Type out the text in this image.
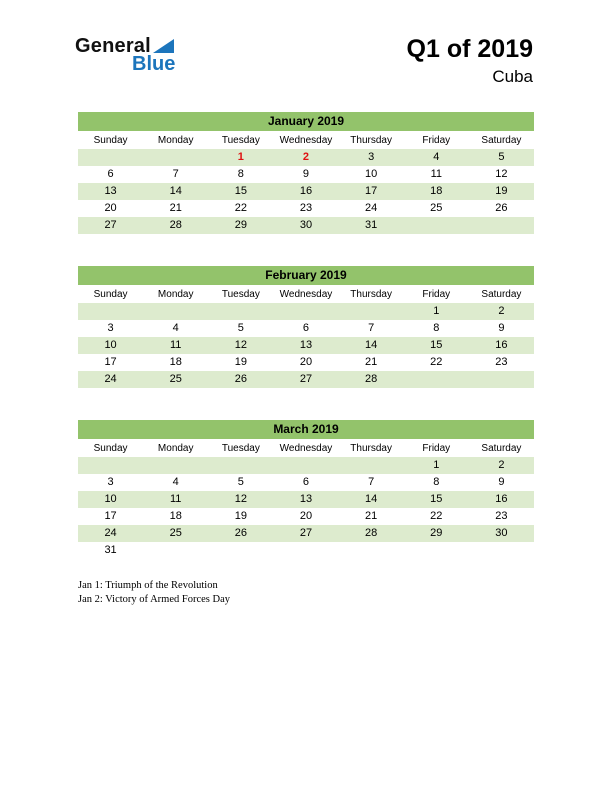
General
Blue
Q1 of 2019
Cuba
January 2019
Sunday	Monday	Tuesday	Wednesday	Thursday	Friday	Saturday
		1	2	3	4	5
6	7	8	9	10	11	12
13	14	15	16	17	18	19
20	21	22	23	24	25	26
27	28	29	30	31		
February 2019
Sunday	Monday	Tuesday	Wednesday	Thursday	Friday	Saturday
					1	2
3	4	5	6	7	8	9
10	11	12	13	14	15	16
17	18	19	20	21	22	23
24	25	26	27	28		
March 2019
Sunday	Monday	Tuesday	Wednesday	Thursday	Friday	Saturday
					1	2
3	4	5	6	7	8	9
10	11	12	13	14	15	16
17	18	19	20	21	22	23
24	25	26	27	28	29	30
31						
Jan 1: Triumph of the Revolution
Jan 2: Victory of Armed Forces Day
